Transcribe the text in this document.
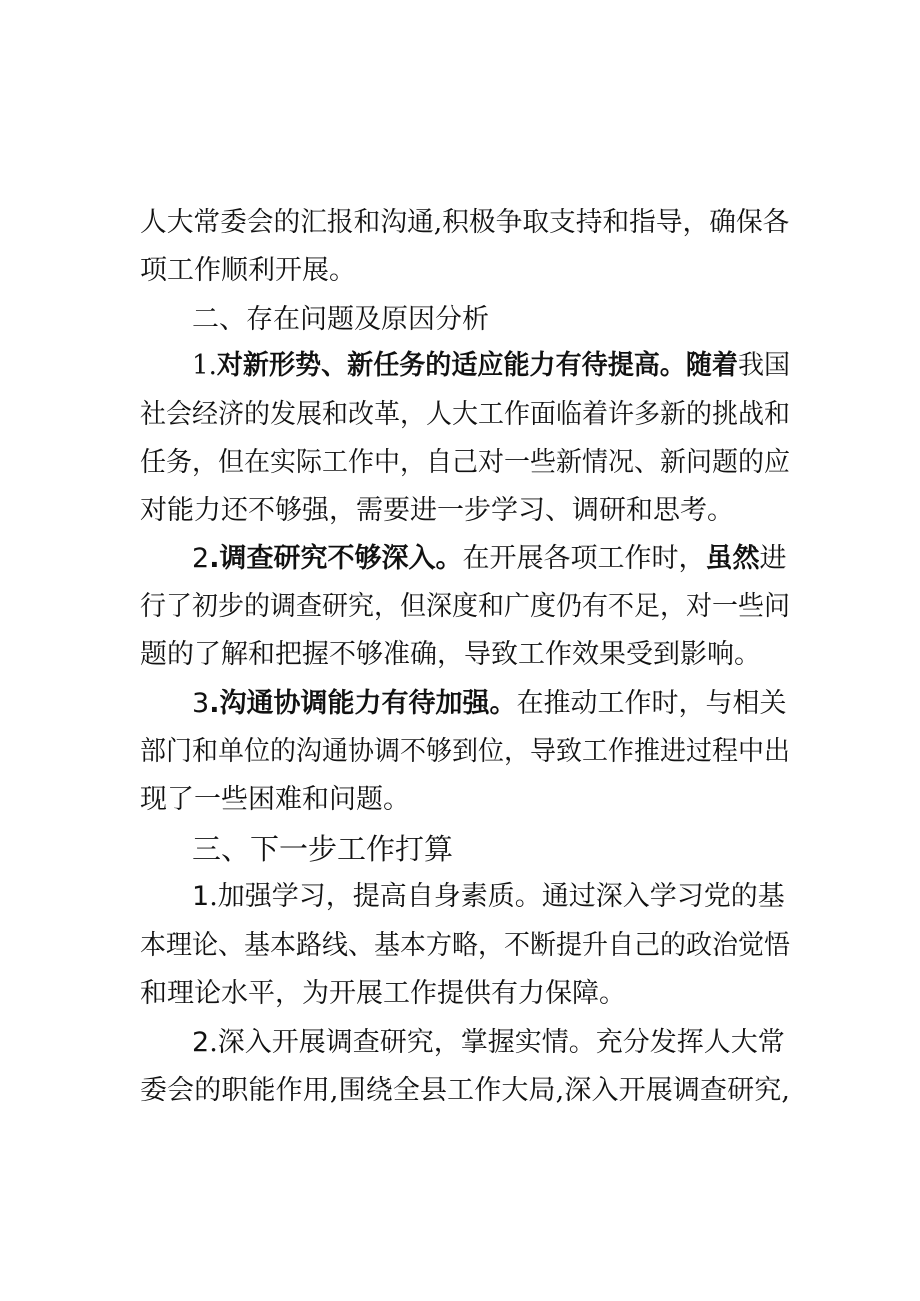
人大常委会的汇报和沟通,积极争取支持和指导，确保各
项工作顺利开展。
二、存在问题及原因分析
1.对新形势、新任务的适应能力有待提高。随着我国
社会经济的发展和改革，人大工作面临着许多新的挑战和
任务，但在实际工作中，自己对一些新情况、新问题的应
对能力还不够强，需要进一步学习、调研和思考。
2.调查研究不够深入。在开展各项工作时，虽然进
行了初步的调查研究，但深度和广度仍有不足，对一些问
题的了解和把握不够准确，导致工作效果受到影响。
3.沟通协调能力有待加强。在推动工作时，与相关
部门和单位的沟通协调不够到位，导致工作推进过程中出
现了一些困难和问题。
三、下一步工作打算
1.加强学习，提高自身素质。通过深入学习党的基
本理论、基本路线、基本方略，不断提升自己的政治觉悟
和理论水平，为开展工作提供有力保障。
2.深入开展调查研究，掌握实情。充分发挥人大常
委会的职能作用,围绕全县工作大局,深入开展调查研究,
